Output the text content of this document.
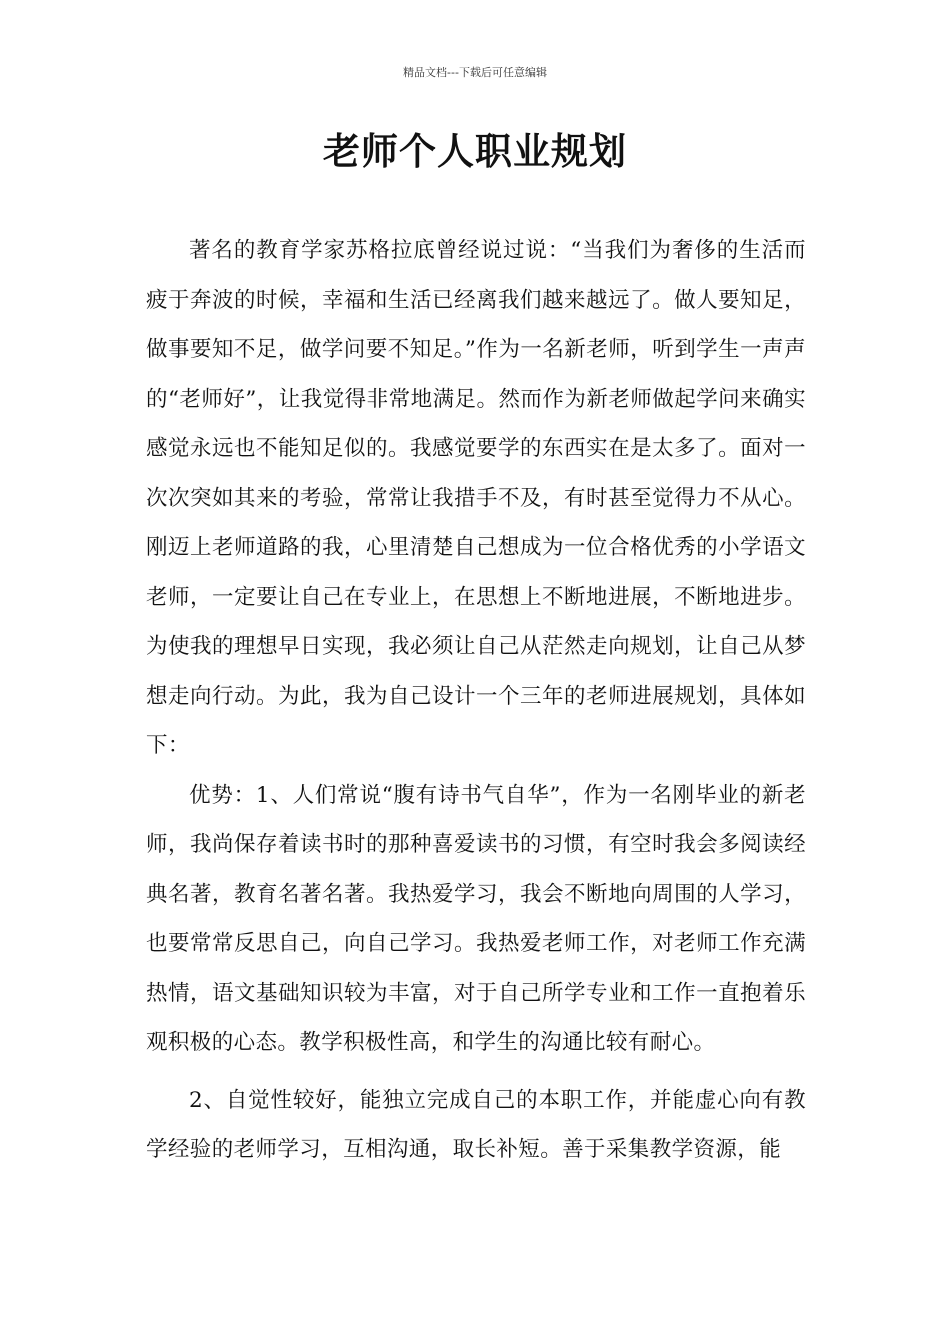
精品文档---下载后可任意编辑
老师个人职业规划

著名的教育学家苏格拉底曾经说过说：“当我们为奢侈的生活而疲于奔波的时候，幸福和生活已经离我们越来越远了。做人要知足，做事要知不足，做学问要不知足。”作为一名新老师，听到学生一声声的“老师好”，让我觉得非常地满足。然而作为新老师做起学问来确实感觉永远也不能知足似的。我感觉要学的东西实在是太多了。面对一次次突如其来的考验，常常让我措手不及，有时甚至觉得力不从心。刚迈上老师道路的我，心里清楚自己想成为一位合格优秀的小学语文老师，一定要让自己在专业上，在思想上不断地进展，不断地进步。为使我的理想早日实现，我必须让自己从茫然走向规划，让自己从梦想走向行动。为此，我为自己设计一个三年的老师进展规划，具体如下：

优势：1、人们常说“腹有诗书气自华”，作为一名刚毕业的新老师，我尚保存着读书时的那种喜爱读书的习惯，有空时我会多阅读经典名著，教育名著名著。我热爱学习，我会不断地向周围的人学习，也要常常反思自己，向自己学习。我热爱老师工作，对老师工作充满热情，语文基础知识较为丰富，对于自己所学专业和工作一直抱着乐观积极的心态。教学积极性高，和学生的沟通比较有耐心。

2、自觉性较好，能独立完成自己的本职工作，并能虚心向有教学经验的老师学习，互相沟通，取长补短。善于采集教学资源，能
